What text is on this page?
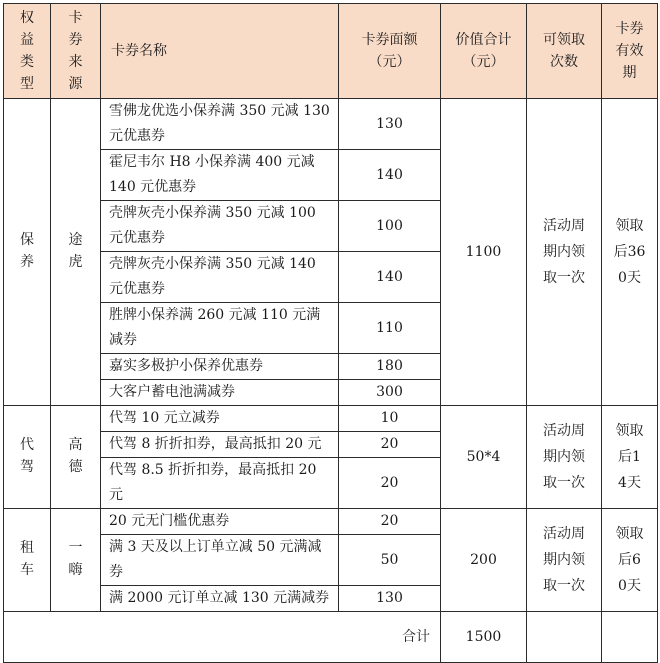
权益类型	卡券来源	卡券名称	卡券面额（元）	价值合计（元）	可领取次数	卡券有效期
保养	途虎	雪佛龙优选小保养满 350 元减 130 元优惠券	130	1100	活动周期内领取一次	领取后360天
		霍尼韦尔 H8 小保养满 400 元减 140 元优惠券	140			
		壳牌灰壳小保养满 350 元减 100 元优惠券	100			
		壳牌灰壳小保养满 350 元减 140 元优惠券	140			
		胜牌小保养满 260 元减 110 元满减券	110			
		嘉实多极护小保养优惠券	180			
		大客户蓄电池满减券	300			
代驾	高德	代驾 10 元立减券	10	50*4	活动周期内领取一次	领取后14天
		代驾 8 折折扣券，最高抵扣 20 元	20			
		代驾 8.5 折折扣券，最高抵扣 20 元	20			
租车	一嗨	20 元无门槛优惠券	20	200	活动周期内领取一次	领取后60天
		满 3 天及以上订单立减 50 元满减券	50			
		满 2000 元订单立减 130 元满减券	130			
合计				1500		
